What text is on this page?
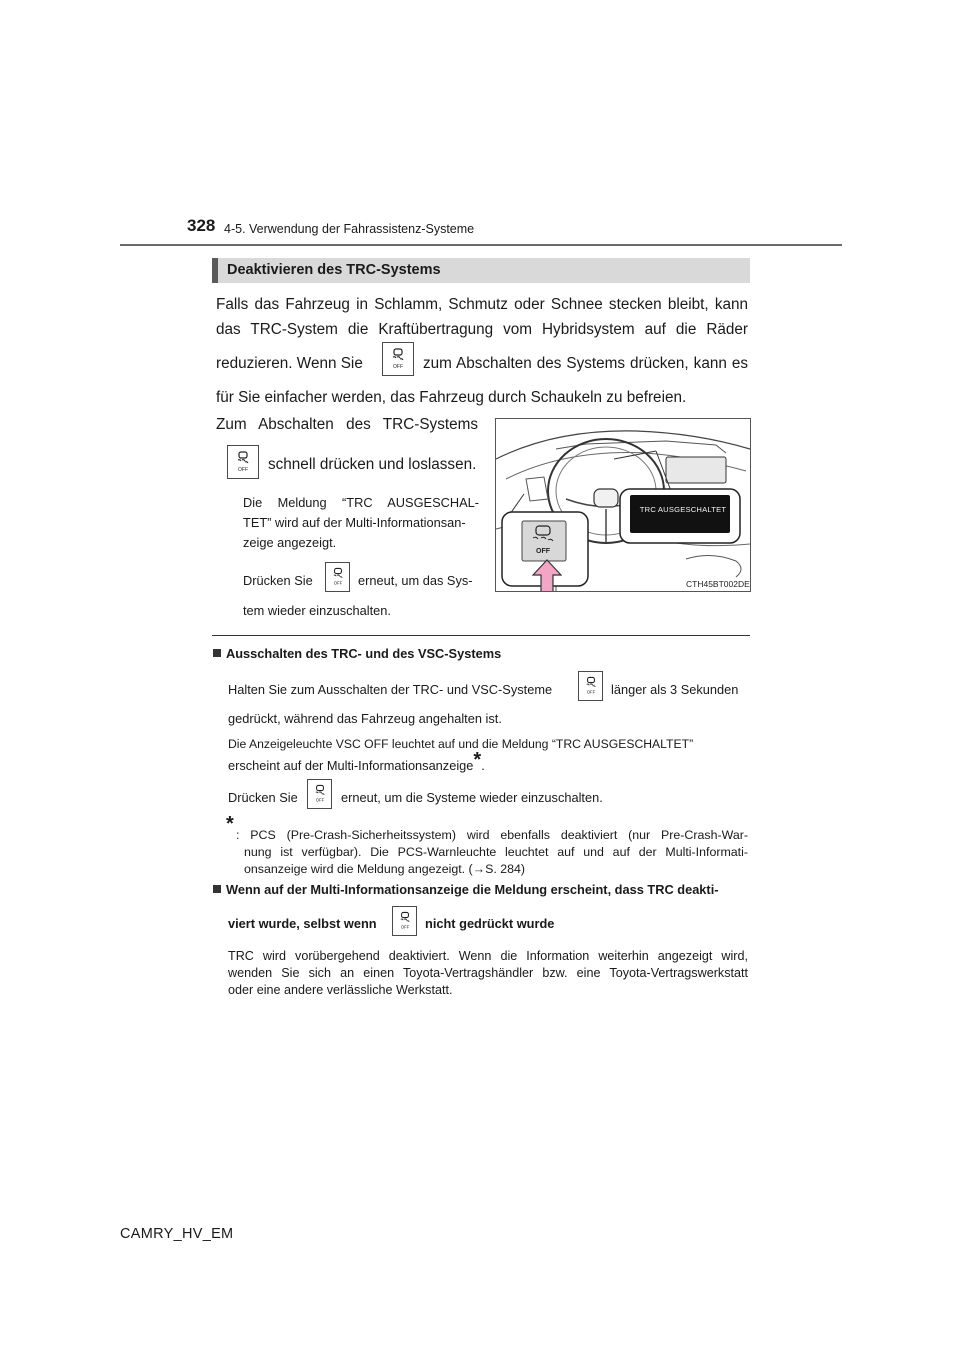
328 4-5. Verwendung der Fahrassistenz-Systeme
Deaktivieren des TRC-Systems
Falls das Fahrzeug in Schlamm, Schmutz oder Schnee stecken bleibt, kann
das TRC-System die Kraftübertragung vom Hybridsystem auf die Räder
reduzieren. Wenn Sie	OFF zum Abschalten des Systems drücken, kann es
für Sie einfacher werden, das Fahrzeug durch Schaukeln zu befreien.
Zum Abschalten des TRC-Systems
OFF schnell drücken und loslassen.
Die Meldung “TRC AUSGESCHAL-
TET” wird auf der Multi-Informationsan-
zeige angezeigt.
Drücken Sie	OFF erneut, um das Sys-
tem wieder einzuschalten.
OFF
TRC AUSGESCHALTET
CTH45BT002DE
Ausschalten des TRC- und des VSC-Systems
Halten Sie zum Ausschalten der TRC- und VSC-Systeme	OFF länger als 3 Sekunden
gedrückt, während das Fahrzeug angehalten ist.
Die Anzeigeleuchte VSC OFF leuchtet auf und die Meldung “TRC AUSGESCHALTET”
erscheint auf der Multi-Informationsanzeige*.
Drücken Sie	OFF erneut, um die Systeme wieder einzuschalten.
* : PCS (Pre-Crash-Sicherheitssystem) wird ebenfalls deaktiviert (nur Pre-Crash-War-
nung ist verfügbar). Die PCS-Warnleuchte leuchtet auf und auf der Multi-Informati-
onsanzeige wird die Meldung angezeigt. (→S. 284)
Wenn auf der Multi-Informationsanzeige die Meldung erscheint, dass TRC deakti-
viert wurde, selbst wenn	OFF nicht gedrückt wurde
TRC wird vorübergehend deaktiviert. Wenn die Information weiterhin angezeigt wird,
wenden Sie sich an einen Toyota-Vertragshändler bzw. eine Toyota-Vertragswerkstatt
oder eine andere verlässliche Werkstatt.
CAMRY_HV_EM
